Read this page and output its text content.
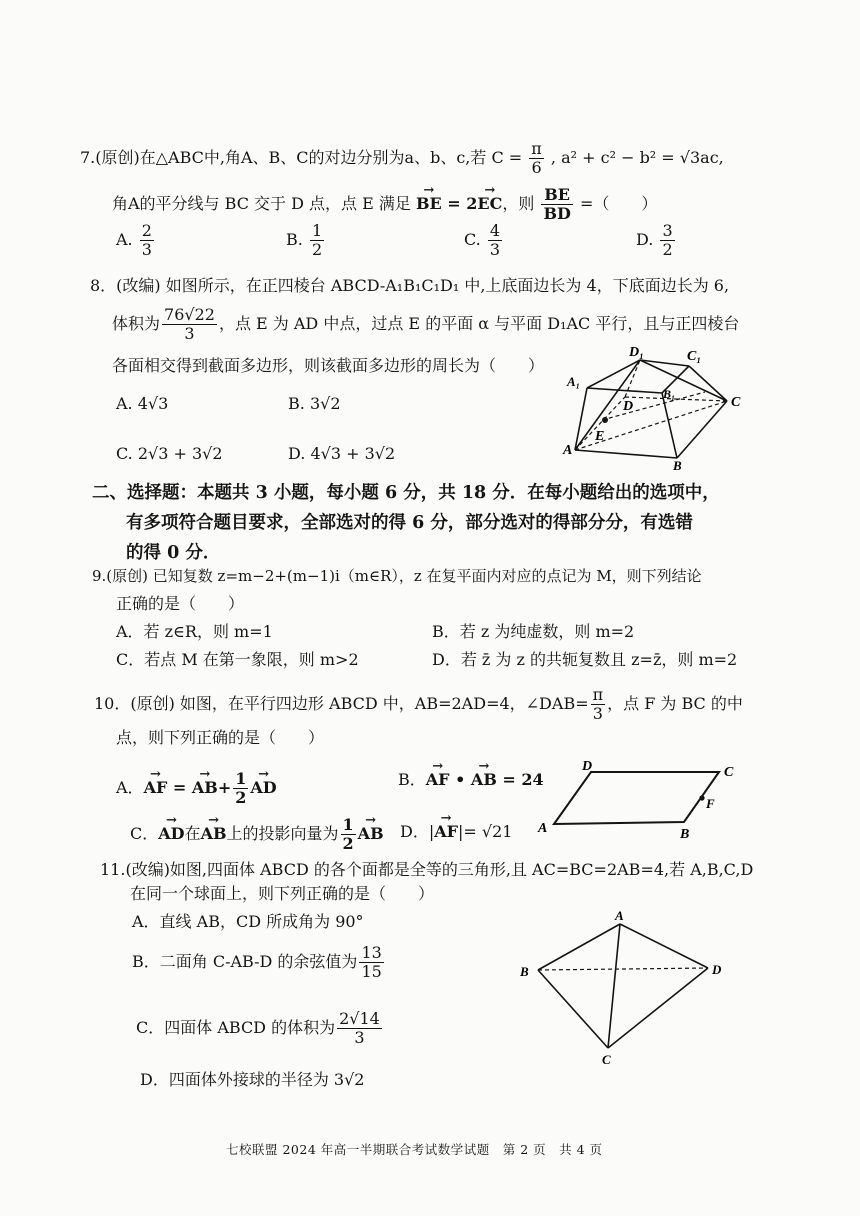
7.(原创)在△ABC中,角A、B、C的对边分别为a、b、c,若 $C = \frac{\pi}{6}$ , a² + c² − b² = √3ac,
角A的平分线与 BC 交于 D 点，点 E 满足 → BE = 2→ EC，则 $\frac{BE}{BD}$ =（　　）
A. $\frac{2}{3}$	B. $\frac{1}{2}$	C. $\frac{4}{3}$	D. $\frac{3}{2}$
8．(改编) 如图所示，在正四棱台 ABCD-A₁B₁C₁D₁ 中,上底面边长为 4，下底面边长为 6,
体积为 $\frac{76√22}{3}$ ，点 E 为 AD 中点，过点 E 的平面 α 与平面 D₁AC 平行，且与正四棱台
各面相交得到截面多边形，则该截面多边形的周长为（　　）
A. 4√3	B. 3√2
C. 2√3 + 3√2	D. 4√3 + 3√2
D₁	C₁
A₁
B₁
D	C
A
B
E
二、选择题：本题共 3 小题，每小题 6 分，共 18 分．在每小题给出的选项中，
有多项符合题目要求，全部选对的得 6 分，部分选对的得部分分，有选错
的得 0 分．
9.(原创) 已知复数 z=m−2+(m−1)i（m∈R），z 在复平面内对应的点记为 M，则下列结论
正确的是（　　）
A．若 z∈R，则 m=1	B．若 z 为纯虚数，则 m=2
C．若点 M 在第一象限，则 m>2	D．若 z̄ 为 z 的共轭复数且 z=z̄，则 m=2
10．(原创) 如图，在平行四边形 ABCD 中，AB=2AD=4，∠DAB= $\frac{\pi}{3}$ ，点 F 为 BC 的中
点，则下列正确的是（　　）
A．→ AF = → $AB+ \frac{1}{2}$ → AD	B．→ AF • → AB = 24
C．→ AD在→ AB上的投影向量为 $\frac{1}{2}$ → AB D．|→ AF|= √21
D	C
A	B
F
11.(改编)如图,四面体 ABCD 的各个面都是全等的三角形,且 AC=BC=2AB=4,若 A,B,C,D
在同一个球面上，则下列正确的是（　　）
A．直线 AB，CD 所成角为 90°
B．二面角 C-AB-D 的余弦值为 $\frac{13}{15}$
C．四面体 ABCD 的体积为 $\frac{2√14}{3}$
D．四面体外接球的半径为 3√2
A
B	D
C
七校联盟 2024 年高一半期联合考试数学试题　第 2 页　共 4 页
